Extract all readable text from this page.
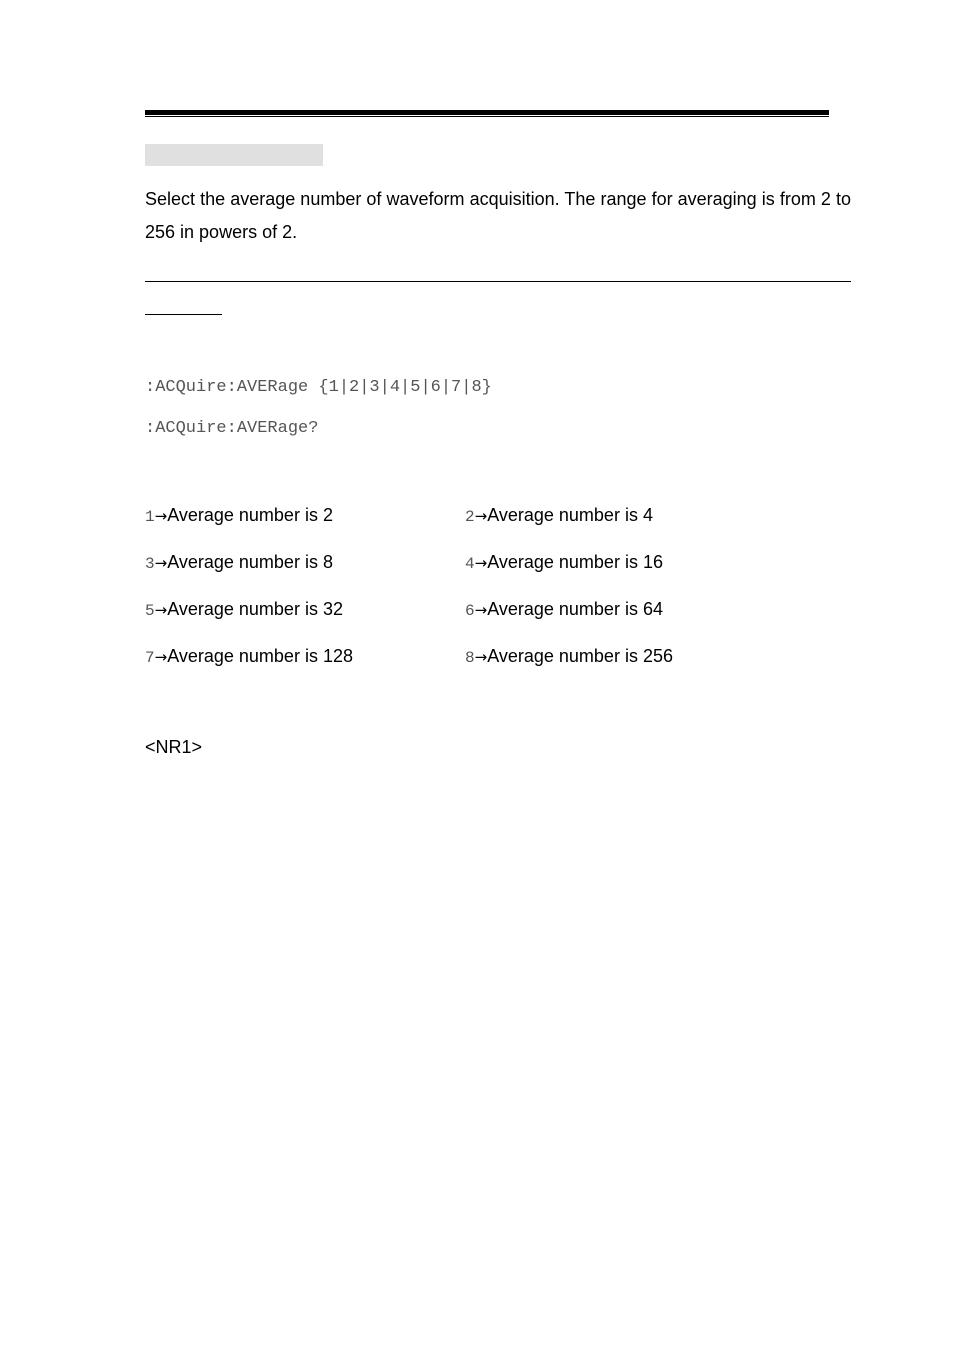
Select the average number of waveform acquisition. The range for averaging is from 2 to 256 in powers of 2.

:ACQuire:AVERage {1|2|3|4|5|6|7|8}
:ACQuire:AVERage?
1→Average number is 2	2→Average number is 4
3→Average number is 8	4→Average number is 16
5→Average number is 32	6→Average number is 64
7→Average number is 128	8→Average number is 256
<NR1>
